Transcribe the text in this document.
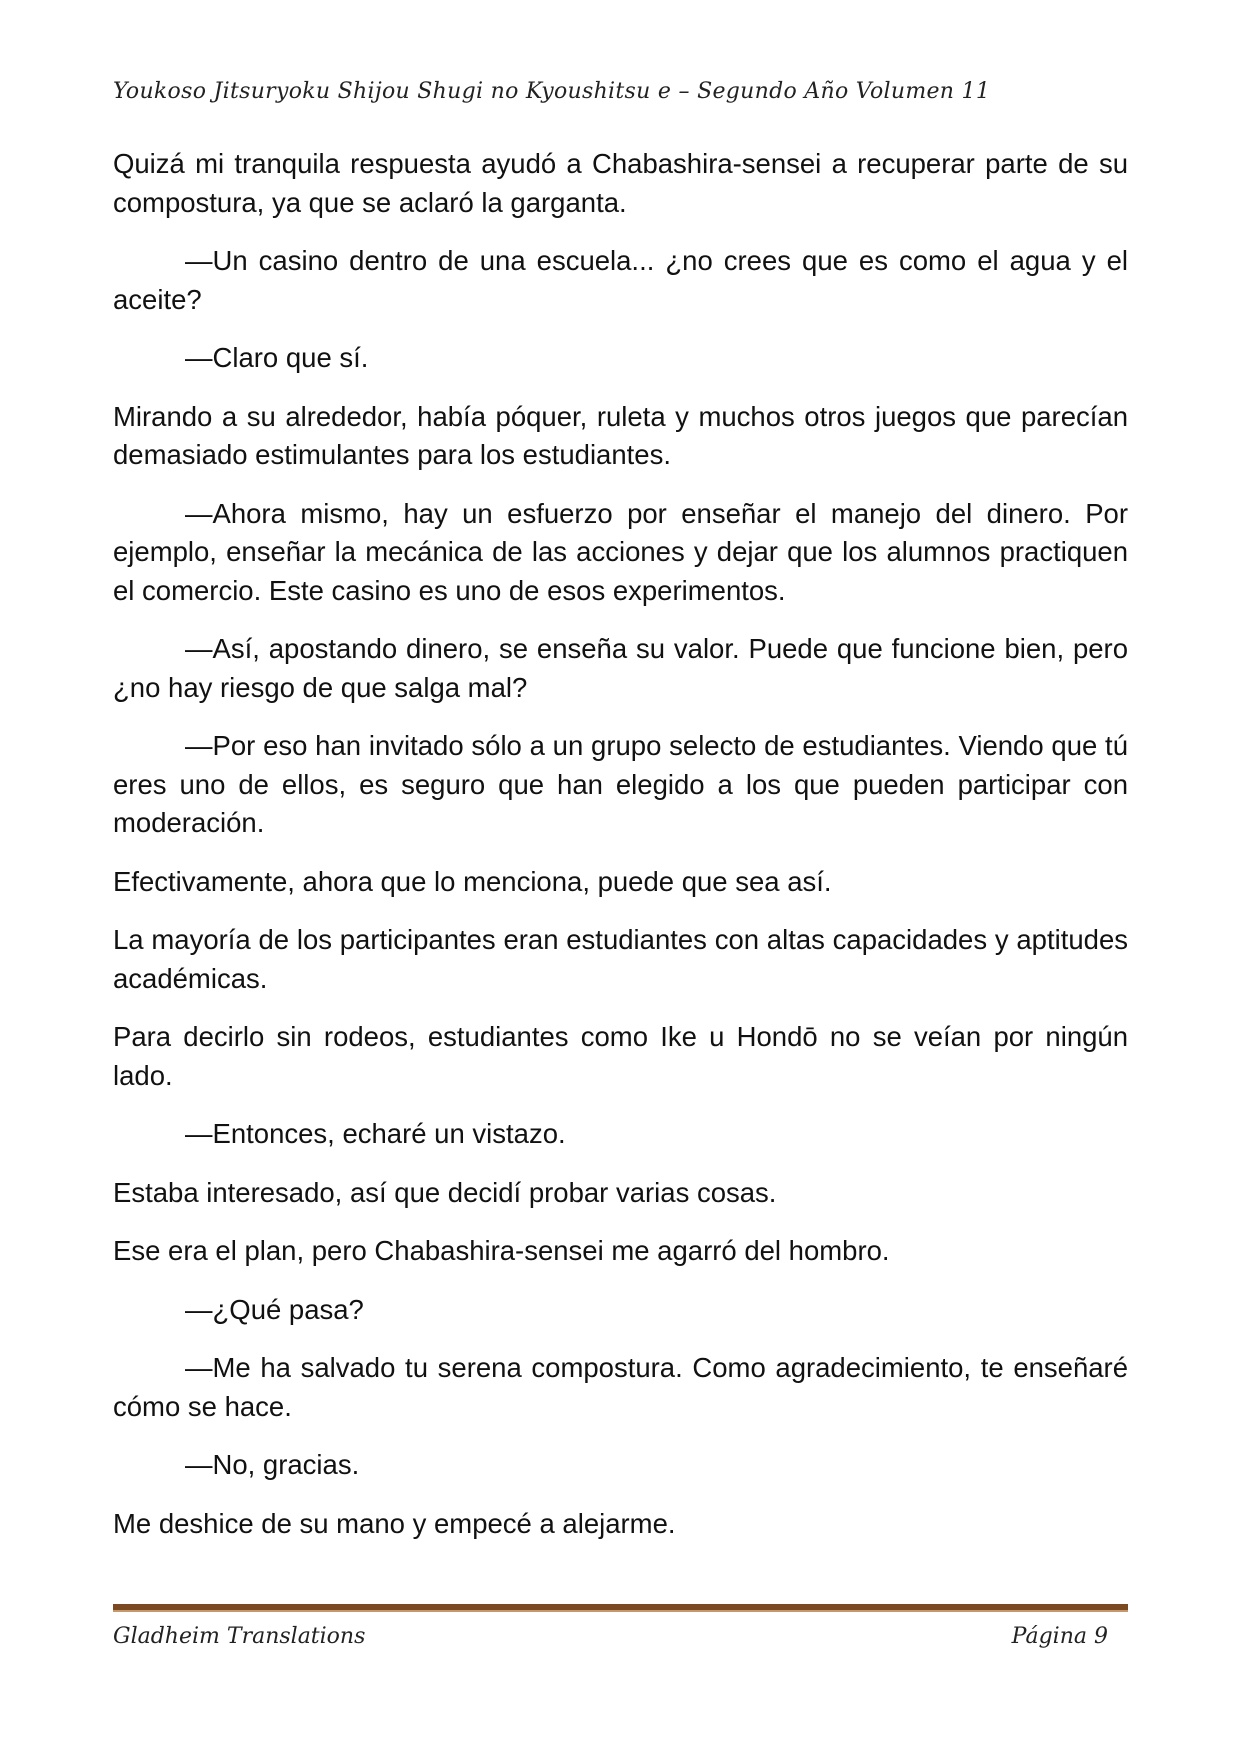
Youkoso Jitsuryoku Shijou Shugi no Kyoushitsu e – Segundo Año Volumen 11

Quizá mi tranquila respuesta ayudó a Chabashira-sensei a recuperar parte de su compostura, ya que se aclaró la garganta.

—Un casino dentro de una escuela... ¿no crees que es como el agua y el aceite?

—Claro que sí.

Mirando a su alrededor, había póquer, ruleta y muchos otros juegos que parecían demasiado estimulantes para los estudiantes.

—Ahora mismo, hay un esfuerzo por enseñar el manejo del dinero. Por ejemplo, enseñar la mecánica de las acciones y dejar que los alumnos practiquen el comercio. Este casino es uno de esos experimentos.

—Así, apostando dinero, se enseña su valor. Puede que funcione bien, pero ¿no hay riesgo de que salga mal?

—Por eso han invitado sólo a un grupo selecto de estudiantes. Viendo que tú eres uno de ellos, es seguro que han elegido a los que pueden participar con moderación.

Efectivamente, ahora que lo menciona, puede que sea así.

La mayoría de los participantes eran estudiantes con altas capacidades y aptitudes académicas.

Para decirlo sin rodeos, estudiantes como Ike u Hondō no se veían por ningún lado.

—Entonces, echaré un vistazo.

Estaba interesado, así que decidí probar varias cosas.

Ese era el plan, pero Chabashira-sensei me agarró del hombro.

—¿Qué pasa?

—Me ha salvado tu serena compostura. Como agradecimiento, te enseñaré cómo se hace.

—No, gracias.

Me deshice de su mano y empecé a alejarme.

Gladheim Translations	Página 9
